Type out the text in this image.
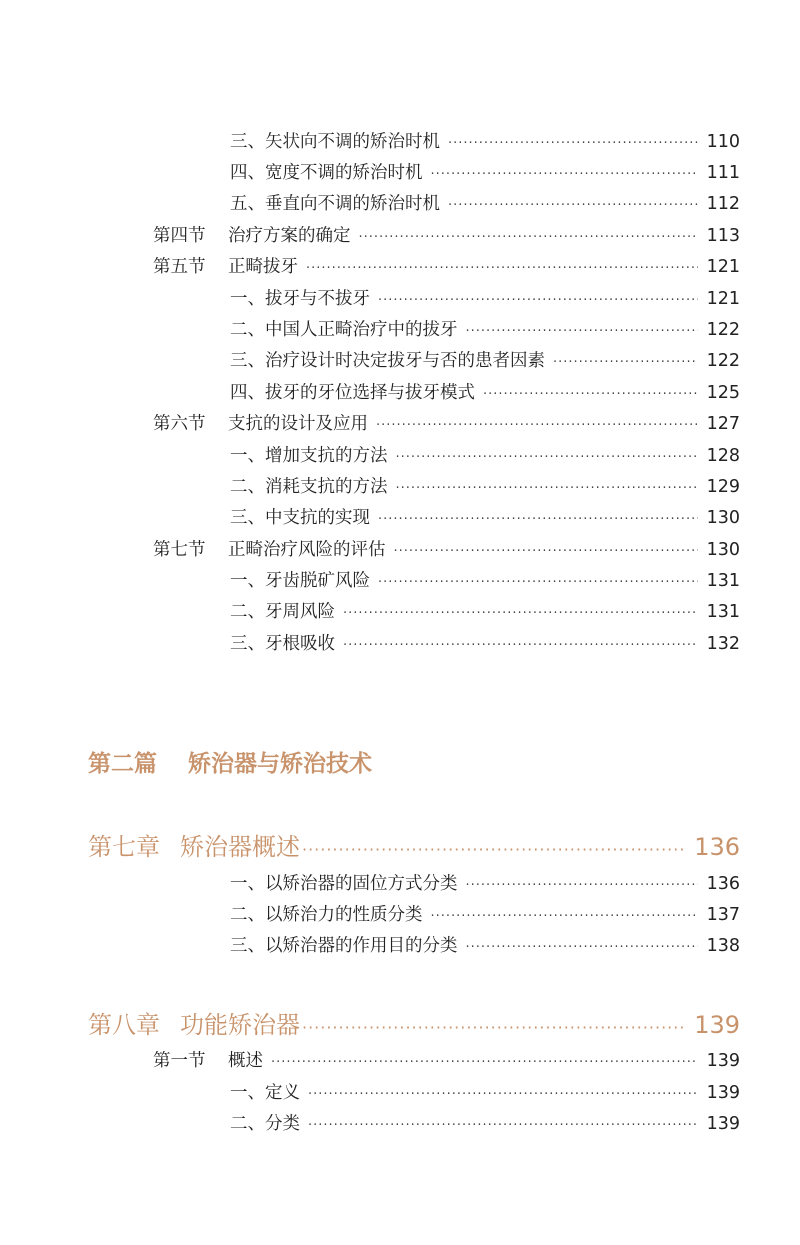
三、矢状向不调的矫治时机 ·····	110
四、宽度不调的矫治时机 ·····	111
五、垂直向不调的矫治时机 ·····	112
第四节 治疗方案的确定 ·····	113
第五节 正畸拔牙 ·····	121
一、拔牙与不拔牙 ·····	121
二、中国人正畸治疗中的拔牙 ·····	122
三、治疗设计时决定拔牙与否的患者因素 ·····	122
四、拔牙的牙位选择与拔牙模式 ·····	125
第六节 支抗的设计及应用 ·····	127
一、增加支抗的方法 ·····	128
二、消耗支抗的方法 ·····	129
三、中支抗的实现 ·····	130
第七节 正畸治疗风险的评估 ·····	130
一、牙齿脱矿风险 ·····	131
二、牙周风险 ·····	131
三、牙根吸收 ·····	132
第二篇 矫治器与矫治技术
第七章 矫治器概述 ·····	136
一、以矫治器的固位方式分类 ·····	136
二、以矫治力的性质分类 ·····	137
三、以矫治器的作用目的分类 ·····	138
第八章 功能矫治器 ·····	139
第一节 概述 ·····	139
一、定义 ·····	139
二、分类 ·····	139
